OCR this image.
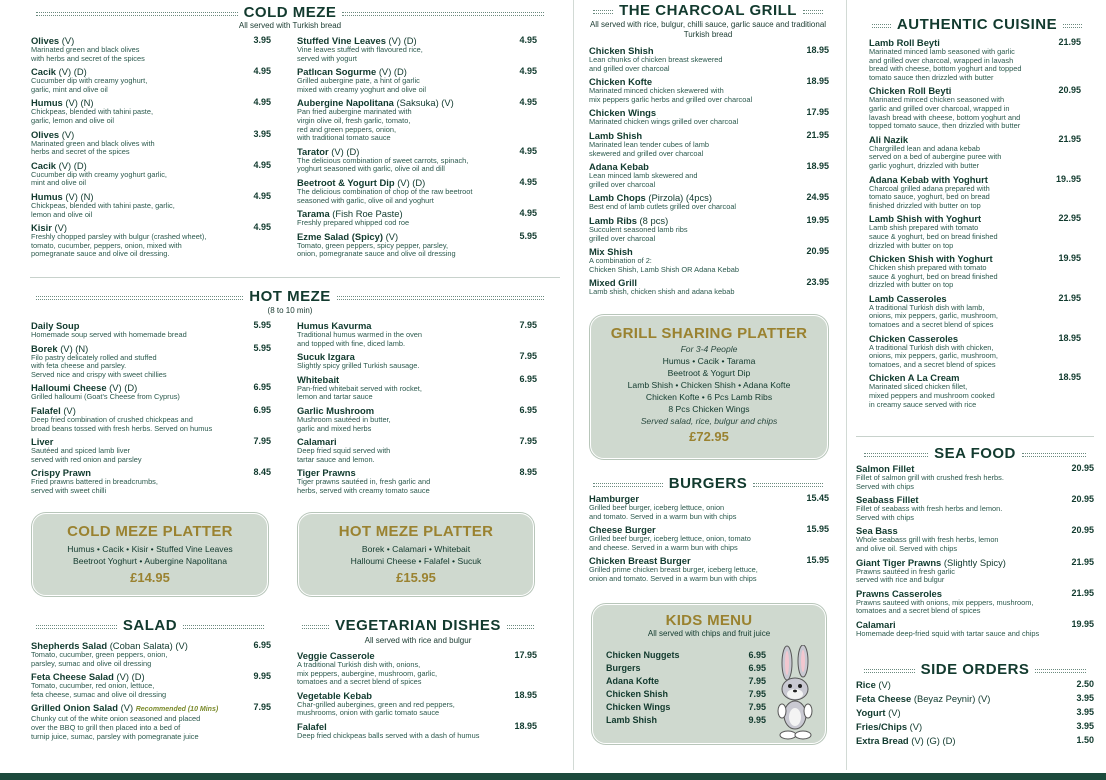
COLD MEZE
All served with Turkish bread
Olives (V)	3.95
Marinated green and black olives
with herbs and secret of the spices
Cacik (V) (D)	4.95
Cucumber dip with creamy yoghurt,
garlic, mint and olive oil
Humus (V) (N)	4.95
Chickpeas, blended with tahini paste,
garlic, lemon and olive oil
Olives (V)	3.95
Marinated green and black olives with
herbs and secret of the spices
Cacik (V) (D)	4.95
Cucumber dip with creamy yoghurt garlic,
mint and olive oil
Humus (V) (N)	4.95
Chickpeas, blended with tahini paste, garlic,
lemon and olive oil
Kisir (V)	4.95
Freshly chopped parsley with bulgur (crashed wheet),
tomato, cucumber, peppers, onion, mixed with
pomegranate sauce and olive oil dressing.
Stuffed Vine Leaves (V) (D)	4.95
Vine leaves stuffed with flavoured rice,
served with yogurt
Patlıcan Sogurme (V) (D)	4.95
Grilled aubergine pate, a hint of garlic
mixed with creamy yoghurt and olive oil
Aubergine Napolitana (Saksuka) (V)	4.95
Pan fried aubergine marinated with
virgin olive oil, fresh garlic, tomato,
red and green peppers, onion,
with traditional tomato sauce
Tarator (V) (D)	4.95
The delicious combination of sweet carrots, spinach,
yoghurt seasoned with garlic, olive oil and dill
Beetroot & Yogurt Dip (V) (D)	4.95
The delicious combination of chop of the raw beetroot
seasoned with garlic, olive oil and yoghurt
Tarama (Fish Roe Paste)	4.95
Freshly prepared whipped cod roe
Ezme Salad (Spicy) (V)	5.95
Tomato, green peppers, spicy pepper, parsley,
onion, pomegranate sauce and olive oil dressing
HOT MEZE
(8 to 10 min)
Daily Soup	5.95
Homemade soup served with homemade bread
Borek (V) (N)	5.95
Filo pastry delicately rolled and stuffed
with feta cheese and parsley.
Served nice and crispy with sweet chillies
Halloumi Cheese (V) (D)	6.95
Grilled halloumi (Goat's Cheese from Cyprus)
Falafel (V)	6.95
Deep fried combination of crushed chickpeas and
broad beans tossed with fresh herbs. Served on humus
Liver	7.95
Sautéed and spiced lamb liver
served with red onion and parsley
Crispy Prawn	8.45
Fried prawns battered in breadcrumbs,
served with sweet chilli
Humus Kavurma	7.95
Traditional humus warmed in the oven
and topped with fine, diced lamb.
Sucuk Izgara	7.95
Slightly spicy grilled Turkish sausage.
Whitebait	6.95
Pan-fried whitebait served with rocket,
lemon and tartar sauce
Garlic Mushroom	6.95
Mushroom sautéed in butter,
garlic and mixed herbs
Calamari	7.95
Deep fried squid served with
tartar sauce and lemon.
Tiger Prawns	8.95
Tiger prawns sautéed in, fresh garlic and
herbs, served with creamy tomato sauce
COLD MEZE PLATTER
Humus • Cacik • Kisir • Stuffed Vine Leaves
Beetroot Yoghurt • Aubergine Napolitana
£14.95
HOT MEZE PLATTER
Borek • Calamari • Whitebait
Halloumi Cheese • Falafel • Sucuk
£15.95
SALAD
Shepherds Salad (Coban Salata) (V)	6.95
Tomato, cucumber, green peppers, onion,
parsley, sumac and olive oil dressing
Feta Cheese Salad (V) (D)	9.95
Tomato, cucumber, red onion, lettuce,
feta cheese, sumac and olive oil dressing
Grilled Onion Salad (V) Recommended (10 Mins)	7.95
Chunky cut of the white onion seasoned and placed
over the BBQ to grill then placed into a bed of
turnip juice, sumac, parsley with pomegranate juice
VEGETARIAN DISHES
All served with rice and bulgur
Veggie Casserole	17.95
A traditional Turkish dish with, onions,
mix peppers, aubergine, mushroom, garlic,
tomatoes and a secret blend of spices
Vegetable Kebab	18.95
Char-grilled aubergines, green and red peppers,
mushrooms, onion with garlic tomato sauce
Falafel	18.95
Deep fried chickpeas balls served with a dash of humus
THE CHARCOAL GRILL
All served with rice, bulgur, chilli sauce, garlic sauce and traditional Turkish bread
Chicken Shish	18.95
Lean chunks of chicken breast skewered
and grilled over charcoal
Chicken Kofte	18.95
Marinated minced chicken skewered with
mix peppers garlic herbs and grilled over charcoal
Chicken Wings	17.95
Marinated chicken wings grilled over charcoal
Lamb Shish	21.95
Marinated lean tender cubes of lamb
skewered and grilled over charcoal
Adana Kebab	18.95
Lean minced lamb skewered and
grilled over charcoal
Lamb Chops (Pirzola) (4pcs)	24.95
Best end of lamb cutlets grilled over charcoal
Lamb Ribs (8 pcs)	19.95
Succulent seasoned lamb ribs
grilled over charcoal
Mix Shish	20.95
A combination of 2:
Chicken Shish, Lamb Shish OR Adana Kebab
Mixed Grill	23.95
Lamb shish, chicken shish and adana kebab
GRILL SHARING PLATTER
For 3-4 People
Humus • Cacik • Tarama
Beetroot & Yogurt Dip
Lamb Shish • Chicken Shish • Adana Kofte
Chicken Kofte • 6 Pcs Lamb Ribs
8 Pcs Chicken Wings
Served salad, rice, bulgur and chips
£72.95
BURGERS
Hamburger	15.45
Grilled beef burger, iceberg lettuce, onion
and tomato. Served in a warm bun with chips
Cheese Burger	15.95
Grilled beef burger, iceberg lettuce, onion, tomato
and cheese. Served in a warm bun with chips
Chicken Breast Burger	15.95
Grilled prime chicken breast burger, iceberg lettuce,
onion and tomato. Served in a warm bun with chips
KIDS MENU
All served with chips and fruit juice
Chicken Nuggets	6.95
Burgers	6.95
Adana Kofte	7.95
Chicken Shish	7.95
Chicken Wings	7.95
Lamb Shish	9.95
AUTHENTIC CUISINE
Lamb Roll Beyti	21.95
Marinated minced lamb seasoned with garlic
and grilled over charcoal, wrapped in lavash
bread with cheese, bottom yoghurt and topped
tomato sauce then drizzled with butter
Chicken Roll Beyti	20.95
Marinated minced chicken seasoned with
garlic and grilled over charcoal, wrapped in
lavash bread with cheese, bottom yoghurt and
topped tomato sauce, then drizzled with butter
Ali Nazik	21.95
Chargrilled lean and adana kebab
served on a bed of aubergine puree with
garlic yoghurt, drizzled with butter
Adana Kebab with Yoghurt	19..95
Charcoal grilled adana prepared with
tomato sauce, yoghurt, bed on bread
finished drizzled with butter on top
Lamb Shish with Yoghurt	22.95
Lamb shish prepared with tomato
sauce & yoghurt, bed on bread finished
drizzled with butter on top
Chicken Shish with Yoghurt	19.95
Chicken shish prepared with tomato
sauce & yoghurt, bed on bread finished
drizzled with butter on top
Lamb Casseroles	21.95
A traditional Turkish dish with lamb,
onions, mix peppers, garlic, mushroom,
tomatoes and a secret blend of spices
Chicken Casseroles	18.95
A traditional Turkish dish with chicken,
onions, mix peppers, garlic, mushroom,
tomatoes, and a secret blend of spices
Chicken A La Cream	18.95
Marinated sliced chicken fillet,
mixed peppers and mushroom cooked
in creamy sauce served with rice
SEA FOOD
Salmon Fillet	20.95
Fillet of salmon grill with crushed fresh herbs.
Served with chips
Seabass Fillet	20.95
Fillet of seabass with fresh herbs and lemon.
Served with chips
Sea Bass	20.95
Whole seabass grill with fresh herbs, lemon
and olive oil. Served with chips
Giant Tiger Prawns (Slightly Spicy)	21.95
Prawns sautéed in fresh garlic
served with rice and bulgur
Prawns Casseroles	21.95
Prawns sauteed with onions, mix peppers, mushroom,
tomatoes and a secret blend of spices
Calamari	19.95
Homemade deep-fried squid with tartar sauce and chips
SIDE ORDERS
Rice (V)	2.50
Feta Cheese (Beyaz Peynir) (V)	3.95
Yogurt (V)	3.95
Fries/Chips (V)	3.95
Extra Bread (V) (G) (D)	1.50
